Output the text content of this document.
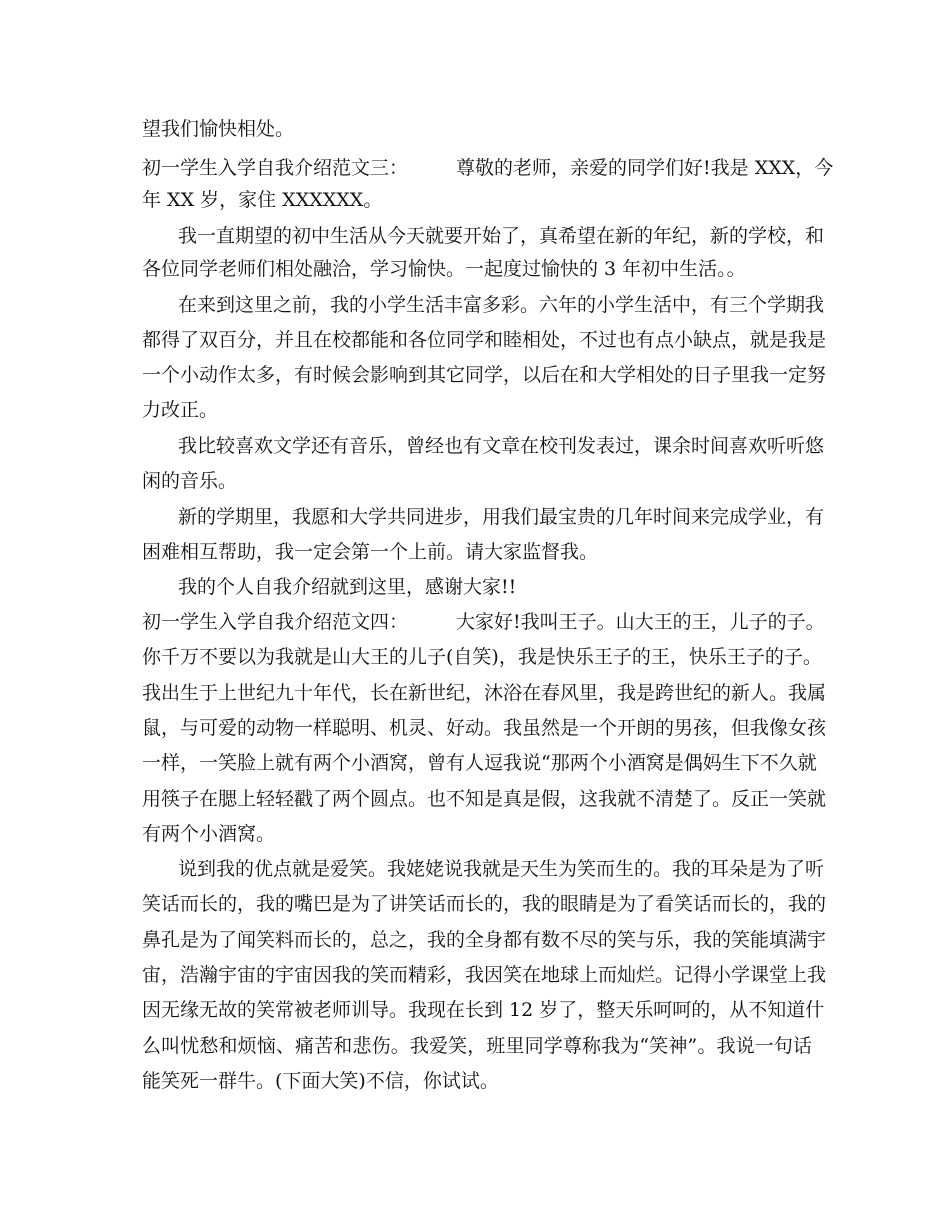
望我们愉快相处。
初一学生入学自我介绍范文三：	尊敬的老师，亲爱的同学们好!我是 XXX，今
年 XX 岁，家住 XXXXXX。
我一直期望的初中生活从今天就要开始了，真希望在新的年纪，新的学校，和
各位同学老师们相处融洽，学习愉快。一起度过愉快的 3 年初中生活。。
在来到这里之前，我的小学生活丰富多彩。六年的小学生活中，有三个学期我
都得了双百分，并且在校都能和各位同学和睦相处，不过也有点小缺点，就是我是
一个小动作太多，有时候会影响到其它同学，以后在和大学相处的日子里我一定努
力改正。
我比较喜欢文学还有音乐，曾经也有文章在校刊发表过，课余时间喜欢听听悠
闲的音乐。
新的学期里，我愿和大学共同进步，用我们最宝贵的几年时间来完成学业，有
困难相互帮助，我一定会第一个上前。请大家监督我。
我的个人自我介绍就到这里，感谢大家!!
初一学生入学自我介绍范文四：	大家好!我叫王子。山大王的王，儿子的子。
你千万不要以为我就是山大王的儿子(自笑)，我是快乐王子的王，快乐王子的子。
我出生于上世纪九十年代，长在新世纪，沐浴在春风里，我是跨世纪的新人。我属
鼠，与可爱的动物一样聪明、机灵、好动。我虽然是一个开朗的男孩，但我像女孩
一样，一笑脸上就有两个小酒窝，曾有人逗我说“那两个小酒窝是偶妈生下不久就
用筷子在腮上轻轻戳了两个圆点。也不知是真是假，这我就不清楚了。反正一笑就
有两个小酒窝。
说到我的优点就是爱笑。我姥姥说我就是天生为笑而生的。我的耳朵是为了听
笑话而长的，我的嘴巴是为了讲笑话而长的，我的眼睛是为了看笑话而长的，我的
鼻孔是为了闻笑料而长的，总之，我的全身都有数不尽的笑与乐，我的笑能填满宇
宙，浩瀚宇宙的宇宙因我的笑而精彩，我因笑在地球上而灿烂。记得小学课堂上我
因无缘无故的笑常被老师训导。我现在长到 12 岁了，整天乐呵呵的，从不知道什
么叫忧愁和烦恼、痛苦和悲伤。我爱笑，班里同学尊称我为“笑神”。我说一句话
能笑死一群牛。(下面大笑)不信，你试试。
